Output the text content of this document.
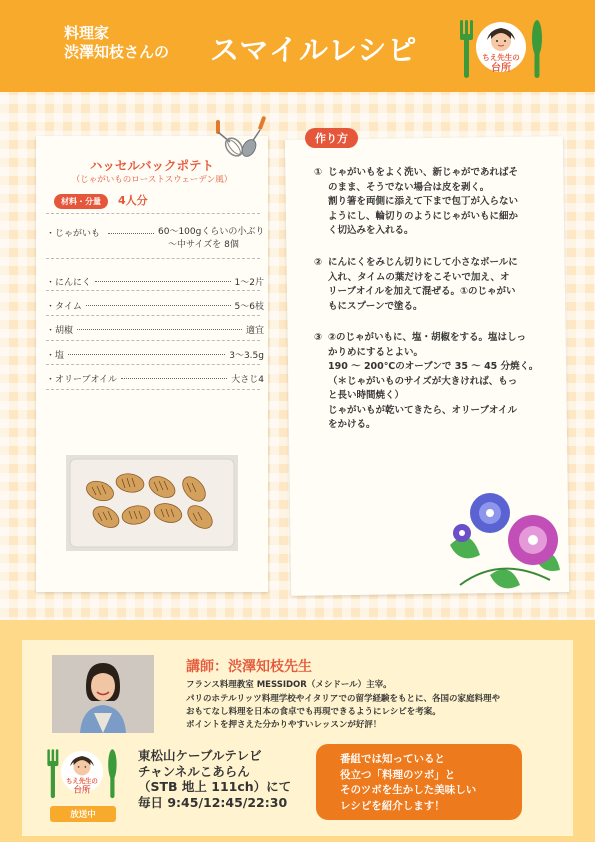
料理家
渋澤知枝さんの スマイルレシピ	ちえ先生の
台所
ハッセルバックポテト
（じゃがいものローストスウェーデン風）
材料・分量	4人分
・じゃがいも	60～100gくらいの小ぶり
～中サイズを 8個
・にんにく	1～2片
・タイム	5～6枝
・胡椒	適宜
・塩	3～3.5g
・オリーブオイル	大さじ4
作り方
① じゃがいもをよく洗い、新じゃがであればそ
のまま、そうでない場合は皮を剥く。
割り箸を両側に添えて下まで包丁が入らない
ようにし、輪切りのようにじゃがいもに細か
く切込みを入れる。
② にんにくをみじん切りにして小さなボールに
入れ、タイムの葉だけをこそいで加え、オ
リーブオイルを加えて混ぜる。①のじゃがい
もにスプーンで塗る。
③ ②のじゃがいもに、塩・胡椒をする。塩はしっ
かりめにするとよい。
190 ～ 200℃のオーブンで 35 ～ 45 分焼く。
（＊じゃがいものサイズが大きければ、もっ
と長い時間焼く）
じゃがいもが乾いてきたら、オリーブオイル
をかける。
講師：渋澤知枝先生
フランス料理教室 MESSIDOR（メシドール）主宰。
パリのホテルリッツ料理学校やイタリアでの留学経験をもとに、各国の家庭料理や
おもてなし料理を日本の食卓でも再現できるようにレシピを考案。
ポイントを押さえた分かりやすいレッスンが好評！
ちえ先生の
台所
放送中
東松山ケーブルテレビ
チャンネルこあらん
（STB 地上 111ch）にて
毎日 9:45/12:45/22:30
番組では知っていると
役立つ「料理のツボ」と
そのツボを生かした美味しい
レシピを紹介します！
